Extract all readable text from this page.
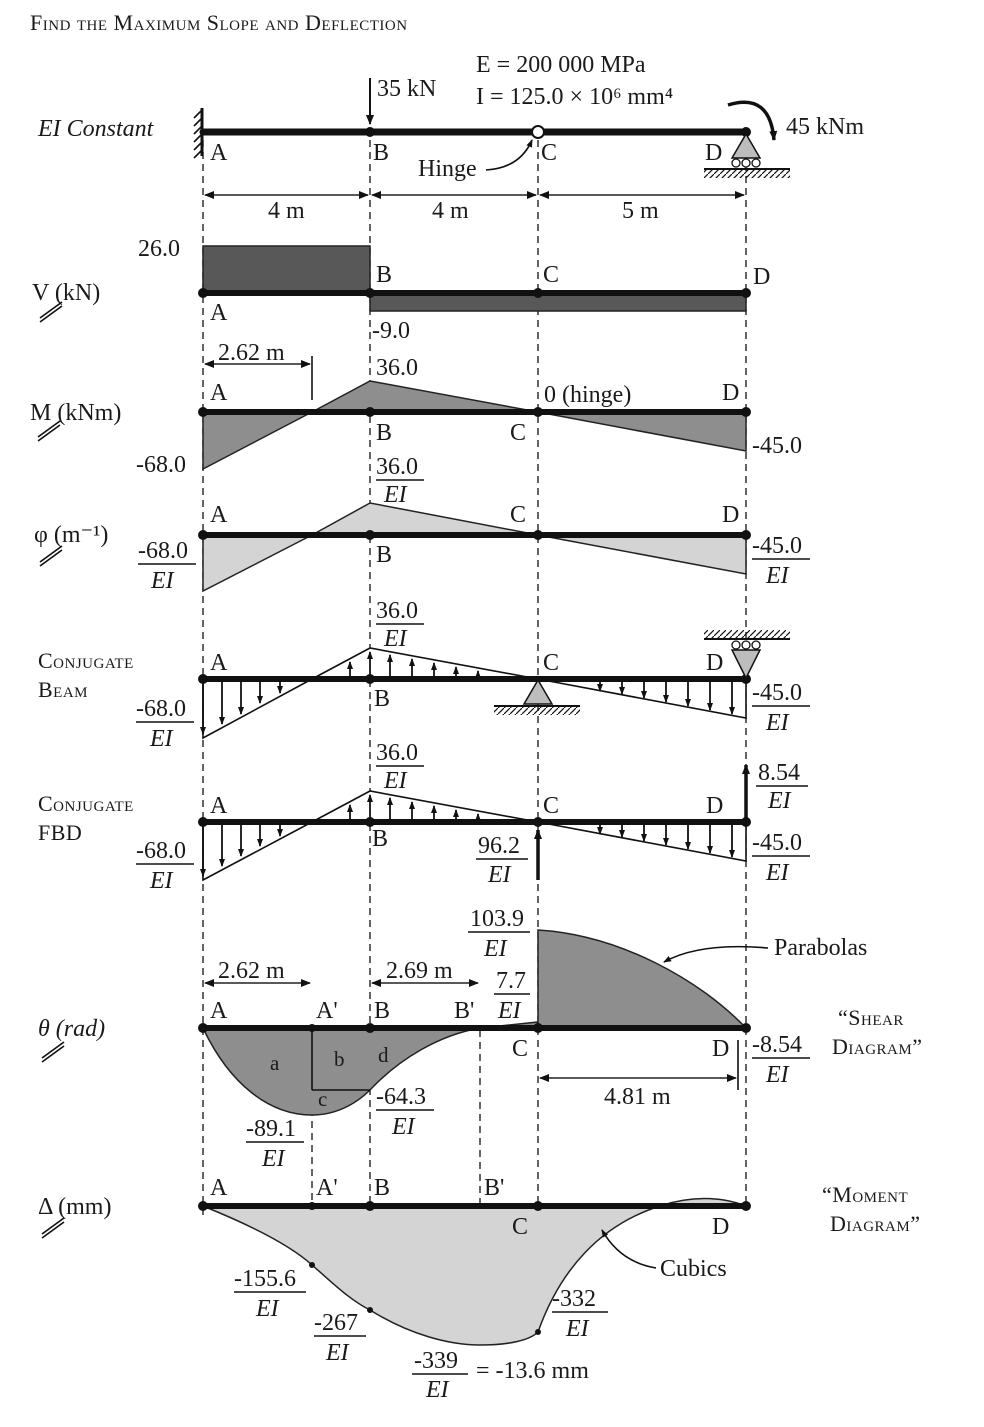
Find the Maximum Slope and Deflection
EI Constant
35 kN
45 kNm
E = 200 000 MPa
I = 125.0 × 10⁶ mm⁴
A	B	C	D
Hinge
4 m	4 m	5 m
V (kN)
26.0
-9.0
A
B	C	D
M (kNm)
2.62 m
-68.0
36.0
0 (hinge)
-45.0
A
B	C
D
φ (m⁻¹)
A
B
C	D
-68.0
EI
36.0
EI
-45.0
EI
Conjugate
Beam
A
B
C	D
-68.0
EI
36.0
EI
-45.0
EI
Conjugate
FBD
A
B
C	D
-68.0
EI
36.0
EI
-45.0
EI
96.2
EI
8.54
EI
θ (rad)
2.62 m	2.69 m
4.81 m
A	A' B	B'
C	D
a	b
c
d
103.9
EI
7.7
EI
-89.1
EI
-64.3
EI
-8.54
EI
Parabolas
“Shear
Diagram”
Δ (mm)
A	A' B	B'
C	D
-155.6
EI
-267
EI	-339
EI
= -13.6 mm
-332
EI
Cubics
“Moment
Diagram”
